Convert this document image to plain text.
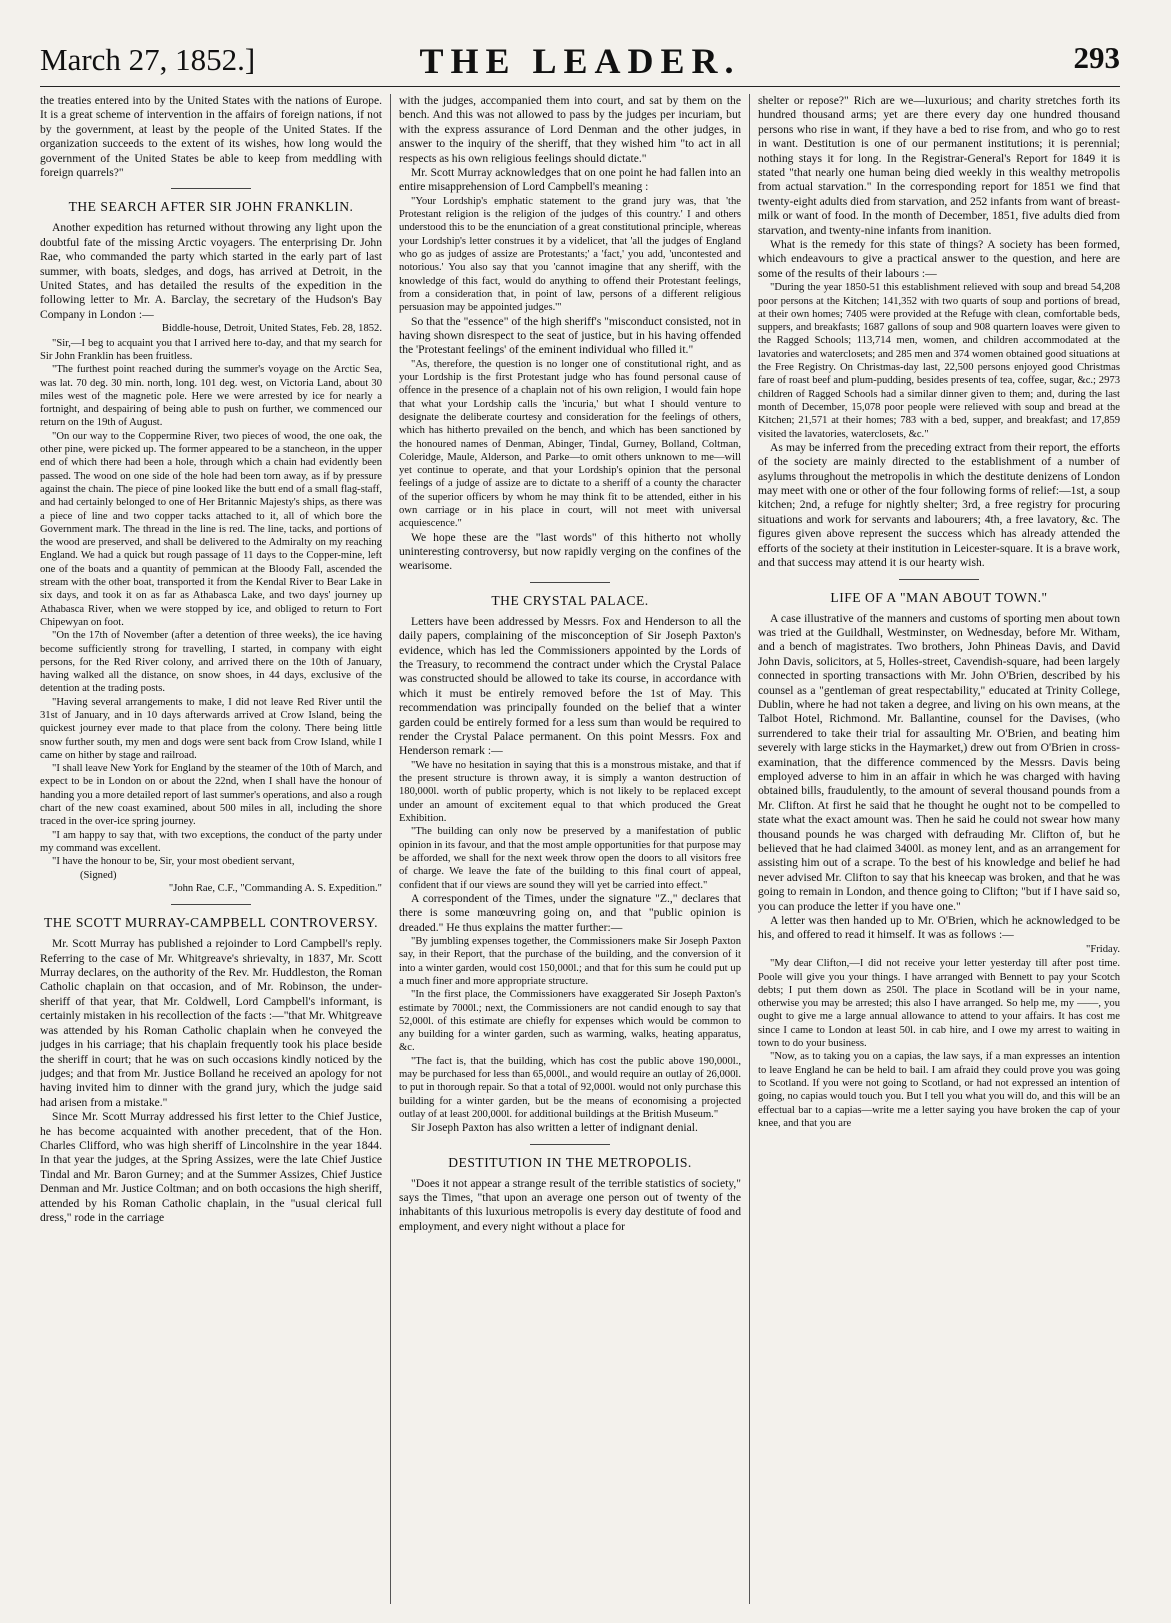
March 27, 1852.]	THE LEADER.	293

the treaties entered into by the United States with the nations of Europe. It is a great scheme of intervention in the affairs of foreign nations, if not by the government, at least by the people of the United States. If the organization succeeds to the extent of its wishes, how long would the government of the United States be able to keep from meddling with foreign quarrels?"

THE SEARCH AFTER SIR JOHN FRANKLIN.

Another expedition has returned without throwing any light upon the doubtful fate of the missing Arctic voyagers. The enterprising Dr. John Rae, who commanded the party which started in the early part of last summer, with boats, sledges, and dogs, has arrived at Detroit, in the United States, and has detailed the results of the expedition in the following letter to Mr. A. Barclay, the secretary of the Hudson's Bay Company in London :—

Biddle-house, Detroit, United States, Feb. 28, 1852.

"Sir,—I beg to acquaint you that I arrived here to-day, and that my search for Sir John Franklin has been fruitless.

"The furthest point reached during the summer's voyage on the Arctic Sea, was lat. 70 deg. 30 min. north, long. 101 deg. west, on Victoria Land, about 30 miles west of the magnetic pole. Here we were arrested by ice for nearly a fortnight, and despairing of being able to push on further, we commenced our return on the 19th of August.

"On our way to the Coppermine River, two pieces of wood, the one oak, the other pine, were picked up. The former appeared to be a stancheon, in the upper end of which there had been a hole, through which a chain had evidently been passed. The wood on one side of the hole had been torn away, as if by pressure against the chain. The piece of pine looked like the butt end of a small flag-staff, and had certainly belonged to one of Her Britannic Majesty's ships, as there was a piece of line and two copper tacks attached to it, all of which bore the Government mark. The thread in the line is red. The line, tacks, and portions of the wood are preserved, and shall be delivered to the Admiralty on my reaching England. We had a quick but rough passage of 11 days to the Copper-mine, left one of the boats and a quantity of pemmican at the Bloody Fall, ascended the stream with the other boat, transported it from the Kendal River to Bear Lake in six days, and took it on as far as Athabasca Lake, and two days' journey up Athabasca River, when we were stopped by ice, and obliged to return to Fort Chipewyan on foot.

"On the 17th of November (after a detention of three weeks), the ice having become sufficiently strong for travelling, I started, in company with eight persons, for the Red River colony, and arrived there on the 10th of January, having walked all the distance, on snow shoes, in 44 days, exclusive of the detention at the trading posts.

"Having several arrangements to make, I did not leave Red River until the 31st of January, and in 10 days afterwards arrived at Crow Island, being the quickest journey ever made to that place from the colony. There being little snow further south, my men and dogs were sent back from Crow Island, while I came on hither by stage and railroad.

"I shall leave New York for England by the steamer of the 10th of March, and expect to be in London on or about the 22nd, when I shall have the honour of handing you a more detailed report of last summer's operations, and also a rough chart of the new coast examined, about 500 miles in all, including the shore traced in the over-ice spring journey.

"I am happy to say that, with two exceptions, the conduct of the party under my command was excellent.

"I have the honour to be, Sir, your most obedient servant,

(Signed)

"John Rae, C.F., "Commanding A. S. Expedition."

THE SCOTT MURRAY-CAMPBELL CONTROVERSY.

Mr. Scott Murray has published a rejoinder to Lord Campbell's reply. Referring to the case of Mr. Whitgreave's shrievalty, in 1837, Mr. Scott Murray declares, on the authority of the Rev. Mr. Huddleston, the Roman Catholic chaplain on that occasion, and of Mr. Robinson, the under-sheriff of that year, that Mr. Coldwell, Lord Campbell's informant, is certainly mistaken in his recollection of the facts :—"that Mr. Whitgreave was attended by his Roman Catholic chaplain when he conveyed the judges in his carriage; that his chaplain frequently took his place beside the sheriff in court; that he was on such occasions kindly noticed by the judges; and that from Mr. Justice Bolland he received an apology for not having invited him to dinner with the grand jury, which the judge said had arisen from a mistake."

Since Mr. Scott Murray addressed his first letter to the Chief Justice, he has become acquainted with another precedent, that of the Hon. Charles Clifford, who was high sheriff of Lincolnshire in the year 1844. In that year the judges, at the Spring Assizes, were the late Chief Justice Tindal and Mr. Baron Gurney; and at the Summer Assizes, Chief Justice Denman and Mr. Justice Coltman; and on both occasions the high sheriff, attended by his Roman Catholic chaplain, in the "usual clerical full dress," rode in the carriage

with the judges, accompanied them into court, and sat by them on the bench. And this was not allowed to pass by the judges per incuriam, but with the express assurance of Lord Denman and the other judges, in answer to the inquiry of the sheriff, that they wished him "to act in all respects as his own religious feelings should dictate."

Mr. Scott Murray acknowledges that on one point he had fallen into an entire misapprehension of Lord Campbell's meaning :

"Your Lordship's emphatic statement to the grand jury was, that 'the Protestant religion is the religion of the judges of this country.' I and others understood this to be the enunciation of a great constitutional principle, whereas your Lordship's letter construes it by a videlicet, that 'all the judges of England who go as judges of assize are Protestants;' a 'fact,' you add, 'uncontested and notorious.' You also say that you 'cannot imagine that any sheriff, with the knowledge of this fact, would do anything to offend their Protestant feelings, from a consideration that, in point of law, persons of a different religious persuasion may be appointed judges.'"

So that the "essence" of the high sheriff's "misconduct consisted, not in having shown disrespect to the seat of justice, but in his having offended the 'Protestant feelings' of the eminent individual who filled it."

"As, therefore, the question is no longer one of constitutional right, and as your Lordship is the first Protestant judge who has found personal cause of offence in the presence of a chaplain not of his own religion, I would fain hope that what your Lordship calls the 'incuria,' but what I should venture to designate the deliberate courtesy and consideration for the feelings of others, which has hitherto prevailed on the bench, and which has been sanctioned by the honoured names of Denman, Abinger, Tindal, Gurney, Bolland, Coltman, Coleridge, Maule, Alderson, and Parke—to omit others unknown to me—will yet continue to operate, and that your Lordship's opinion that the personal feelings of a judge of assize are to dictate to a sheriff of a county the character of the superior officers by whom he may think fit to be attended, either in his own carriage or in his place in court, will not meet with universal acquiescence."

We hope these are the "last words" of this hitherto not wholly uninteresting controversy, but now rapidly verging on the confines of the wearisome.

THE CRYSTAL PALACE.

Letters have been addressed by Messrs. Fox and Henderson to all the daily papers, complaining of the misconception of Sir Joseph Paxton's evidence, which has led the Commissioners appointed by the Lords of the Treasury, to recommend the contract under which the Crystal Palace was constructed should be allowed to take its course, in accordance with which it must be entirely removed before the 1st of May. This recommendation was principally founded on the belief that a winter garden could be entirely formed for a less sum than would be required to render the Crystal Palace permanent. On this point Messrs. Fox and Henderson remark :—

"We have no hesitation in saying that this is a monstrous mistake, and that if the present structure is thrown away, it is simply a wanton destruction of 180,000l. worth of public property, which is not likely to be replaced except under an amount of excitement equal to that which produced the Great Exhibition.

"The building can only now be preserved by a manifestation of public opinion in its favour, and that the most ample opportunities for that purpose may be afforded, we shall for the next week throw open the doors to all visitors free of charge. We leave the fate of the building to this final court of appeal, confident that if our views are sound they will yet be carried into effect."

A correspondent of the Times, under the signature "Z.," declares that there is some manœuvring going on, and that "public opinion is dreaded." He thus explains the matter further:—

"By jumbling expenses together, the Commissioners make Sir Joseph Paxton say, in their Report, that the purchase of the building, and the conversion of it into a winter garden, would cost 150,000l.; and that for this sum he could put up a much finer and more appropriate structure.

"In the first place, the Commissioners have exaggerated Sir Joseph Paxton's estimate by 7000l.; next, the Commissioners are not candid enough to say that 52,000l. of this estimate are chiefly for expenses which would be common to any building for a winter garden, such as warming, walks, heating apparatus, &c.

"The fact is, that the building, which has cost the public above 190,000l., may be purchased for less than 65,000l., and would require an outlay of 26,000l. to put in thorough repair. So that a total of 92,000l. would not only purchase this building for a winter garden, but be the means of economising a projected outlay of at least 200,000l. for additional buildings at the British Museum."

Sir Joseph Paxton has also written a letter of indignant denial.

DESTITUTION IN THE METROPOLIS.

"Does it not appear a strange result of the terrible statistics of society," says the Times, "that upon an average one person out of twenty of the inhabitants of this luxurious metropolis is every day destitute of food and employment, and every night without a place for

shelter or repose?" Rich are we—luxurious; and charity stretches forth its hundred thousand arms; yet are there every day one hundred thousand persons who rise in want, if they have a bed to rise from, and who go to rest in want. Destitution is one of our permanent institutions; it is perennial; nothing stays it for long. In the Registrar-General's Report for 1849 it is stated "that nearly one human being died weekly in this wealthy metropolis from actual starvation." In the corresponding report for 1851 we find that twenty-eight adults died from starvation, and 252 infants from want of breast-milk or want of food. In the month of December, 1851, five adults died from starvation, and twenty-nine infants from inanition.

What is the remedy for this state of things? A society has been formed, which endeavours to give a practical answer to the question, and here are some of the results of their labours :—

"During the year 1850-51 this establishment relieved with soup and bread 54,208 poor persons at the Kitchen; 141,352 with two quarts of soup and portions of bread, at their own homes; 7405 were provided at the Refuge with clean, comfortable beds, suppers, and breakfasts; 1687 gallons of soup and 908 quartern loaves were given to the Ragged Schools; 113,714 men, women, and children accommodated at the lavatories and waterclosets; and 285 men and 374 women obtained good situations at the Free Registry. On Christmas-day last, 22,500 persons enjoyed good Christmas fare of roast beef and plum-pudding, besides presents of tea, coffee, sugar, &c.; 2973 children of Ragged Schools had a similar dinner given to them; and, during the last month of December, 15,078 poor people were relieved with soup and bread at the Kitchen; 21,571 at their homes; 783 with a bed, supper, and breakfast; and 17,859 visited the lavatories, waterclosets, &c."

As may be inferred from the preceding extract from their report, the efforts of the society are mainly directed to the establishment of a number of asylums throughout the metropolis in which the destitute denizens of London may meet with one or other of the four following forms of relief:—1st, a soup kitchen; 2nd, a refuge for nightly shelter; 3rd, a free registry for procuring situations and work for servants and labourers; 4th, a free lavatory, &c. The figures given above represent the success which has already attended the efforts of the society at their institution in Leicester-square. It is a brave work, and that success may attend it is our hearty wish.

LIFE OF A "MAN ABOUT TOWN."

A case illustrative of the manners and customs of sporting men about town was tried at the Guildhall, Westminster, on Wednesday, before Mr. Witham, and a bench of magistrates. Two brothers, John Phineas Davis, and David John Davis, solicitors, at 5, Holles-street, Cavendish-square, had been largely connected in sporting transactions with Mr. John O'Brien, described by his counsel as a "gentleman of great respectability," educated at Trinity College, Dublin, where he had not taken a degree, and living on his own means, at the Talbot Hotel, Richmond. Mr. Ballantine, counsel for the Davises, (who surrendered to take their trial for assaulting Mr. O'Brien, and beating him severely with large sticks in the Haymarket,) drew out from O'Brien in cross-examination, that the difference commenced by the Messrs. Davis being employed adverse to him in an affair in which he was charged with having obtained bills, fraudulently, to the amount of several thousand pounds from a Mr. Clifton. At first he said that he thought he ought not to be compelled to state what the exact amount was. Then he said he could not swear how many thousand pounds he was charged with defrauding Mr. Clifton of, but he believed that he had claimed 3400l. as money lent, and as an arrangement for assisting him out of a scrape. To the best of his knowledge and belief he had never advised Mr. Clifton to say that his kneecap was broken, and that he was going to remain in London, and thence going to Clifton; "but if I have said so, you can produce the letter if you have one."

A letter was then handed up to Mr. O'Brien, which he acknowledged to be his, and offered to read it himself. It was as follows :—

"Friday.

"My dear Clifton,—I did not receive your letter yesterday till after post time. Poole will give you your things. I have arranged with Bennett to pay your Scotch debts; I put them down as 250l. The place in Scotland will be in your name, otherwise you may be arrested; this also I have arranged. So help me, my ——, you ought to give me a large annual allowance to attend to your affairs. It has cost me since I came to London at least 50l. in cab hire, and I owe my arrest to waiting in town to do your business.

"Now, as to taking you on a capias, the law says, if a man expresses an intention to leave England he can be held to bail. I am afraid they could prove you was going to Scotland. If you were not going to Scotland, or had not expressed an intention of going, no capias would touch you. But I tell you what you will do, and this will be an effectual bar to a capias—write me a letter saying you have broken the cap of your knee, and that you are
